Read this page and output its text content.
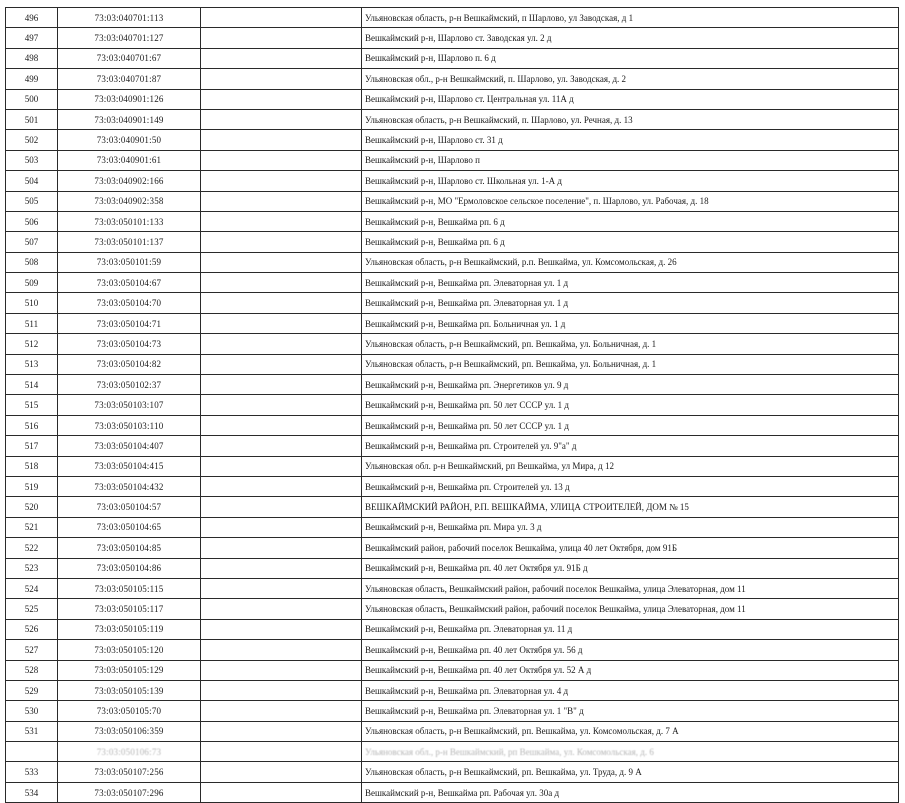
496	73:03:040701:113		Ульяновская область, р-н Вешкаймский, п Шарлово, ул Заводская, д 1
497	73:03:040701:127		Вешкаймский р-н, Шарлово ст. Заводская ул. 2 д
498	73:03:040701:67		Вешкаймский р-н, Шарлово п. 6 д
499	73:03:040701:87		Ульяновская обл., р-н Вешкаймский, п. Шарлово, ул. Заводская, д. 2
500	73:03:040901:126		Вешкаймский р-н, Шарлово ст. Центральная ул. 11А д
501	73:03:040901:149		Ульяновская область, р-н Вешкаймский, п. Шарлово, ул. Речная, д. 13
502	73:03:040901:50		Вешкаймский р-н, Шарлово ст. 31 д
503	73:03:040901:61		Вешкаймский р-н, Шарлово п
504	73:03:040902:166		Вешкаймский р-н, Шарлово ст. Школьная ул. 1-А д
505	73:03:040902:358		Вешкаймский р-н, МО "Ермоловское сельское поселение", п. Шарлово, ул. Рабочая, д. 18
506	73:03:050101:133		Вешкаймский р-н, Вешкайма рп. 6 д
507	73:03:050101:137		Вешкаймский р-н, Вешкайма рп. 6 д
508	73:03:050101:59		Ульяновская область, р-н Вешкаймский, р.п. Вешкайма, ул. Комсомольская, д. 26
509	73:03:050104:67		Вешкаймский р-н, Вешкайма рп. Элеваторная ул. 1 д
510	73:03:050104:70		Вешкаймский р-н, Вешкайма рп. Элеваторная ул. 1 д
511	73:03:050104:71		Вешкаймский р-н, Вешкайма рп. Больничная ул. 1 д
512	73:03:050104:73		Ульяновская область, р-н Вешкаймский, рп. Вешкайма, ул. Больничная, д. 1
513	73:03:050104:82		Ульяновская область, р-н Вешкаймский, рп. Вешкайма, ул. Больничная, д. 1
514	73:03:050102:37		Вешкаймский р-н, Вешкайма рп. Энергетиков ул. 9 д
515	73:03:050103:107		Вешкаймский р-н, Вешкайма рп. 50 лет СССР ул. 1 д
516	73:03:050103:110		Вешкаймский р-н, Вешкайма рп. 50 лет СССР ул. 1 д
517	73:03:050104:407		Вешкаймский р-н, Вешкайма рп. Строителей ул. 9"а" д
518	73:03:050104:415		Ульяновская обл. р-н Вешкаймский, рп Вешкайма, ул Мира, д 12
519	73:03:050104:432		Вешкаймский р-н, Вешкайма рп. Строителей ул. 13 д
520	73:03:050104:57		ВЕШКАЙМСКИЙ РАЙОН, Р.П. ВЕШКАЙМА, УЛИЦА СТРОИТЕЛЕЙ, ДОМ № 15
521	73:03:050104:65		Вешкаймский р-н, Вешкайма рп. Мира ул. 3 д
522	73:03:050104:85		Вешкаймский район, рабочий поселок Вешкайма, улица 40 лет Октября, дом 91Б
523	73:03:050104:86		Вешкаймский р-н, Вешкайма рп. 40 лет Октября ул. 91Б д
524	73:03:050105:115		Ульяновская область, Вешкаймский район, рабочий поселок Вешкайма, улица Элеваторная, дом 11
525	73:03:050105:117		Ульяновская область, Вешкаймский район, рабочий поселок Вешкайма, улица Элеваторная, дом 11
526	73:03:050105:119		Вешкаймский р-н, Вешкайма рп. Элеваторная ул. 11 д
527	73:03:050105:120		Вешкаймский р-н, Вешкайма рп. 40 лет Октября ул. 56 д
528	73:03:050105:129		Вешкаймский р-н, Вешкайма рп. 40 лет Октября ул. 52 А д
529	73:03:050105:139		Вешкаймский р-н, Вешкайма рп. Элеваторная ул. 4 д
530	73:03:050105:70		Вешкаймский р-н, Вешкайма рп. Элеваторная ул. 1 "В" д
531	73:03:050106:359		Ульяновская область, р-н Вешкаймский, рп. Вешкайма, ул. Комсомольская, д. 7 А
	73:03:050106:73		Ульяновская обл., р-н Вешкаймский, рп Вешкайма, ул. Комсомольская, д. 6
533	73:03:050107:256		Ульяновская область, р-н Вешкаймский, рп. Вешкайма, ул. Труда, д. 9 А
534	73:03:050107:296		Вешкаймский р-н, Вешкайма рп. Рабочая ул. 30а д
